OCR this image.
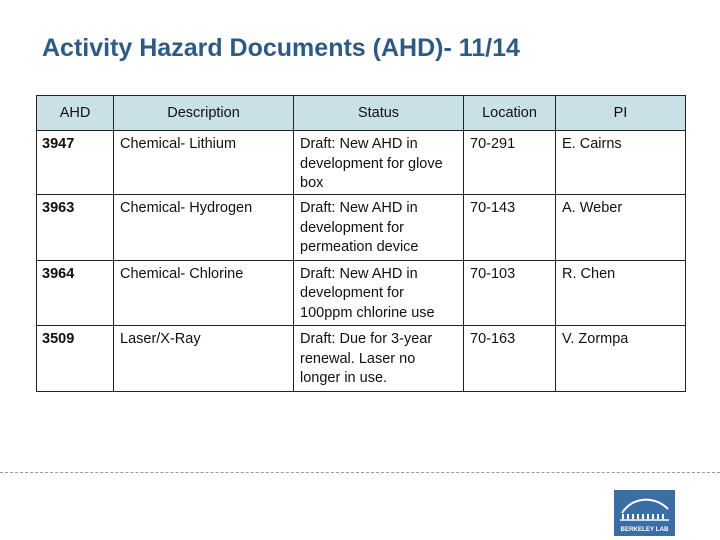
Activity Hazard Documents (AHD)- 11/14
AHD	Description	Status	Location	PI
3947	Chemical- Lithium	Draft: New AHD in development for glove box	70-291	E. Cairns
3963	Chemical- Hydrogen	Draft: New AHD in development for permeation device	70-143	A. Weber
3964	Chemical- Chlorine	Draft: New AHD in development for 100ppm chlorine use	70-103	R. Chen
3509	Laser/X-Ray	Draft: Due for 3-year renewal. Laser no longer in use.	70-163	V. Zormpa
BERKELEY LAB
